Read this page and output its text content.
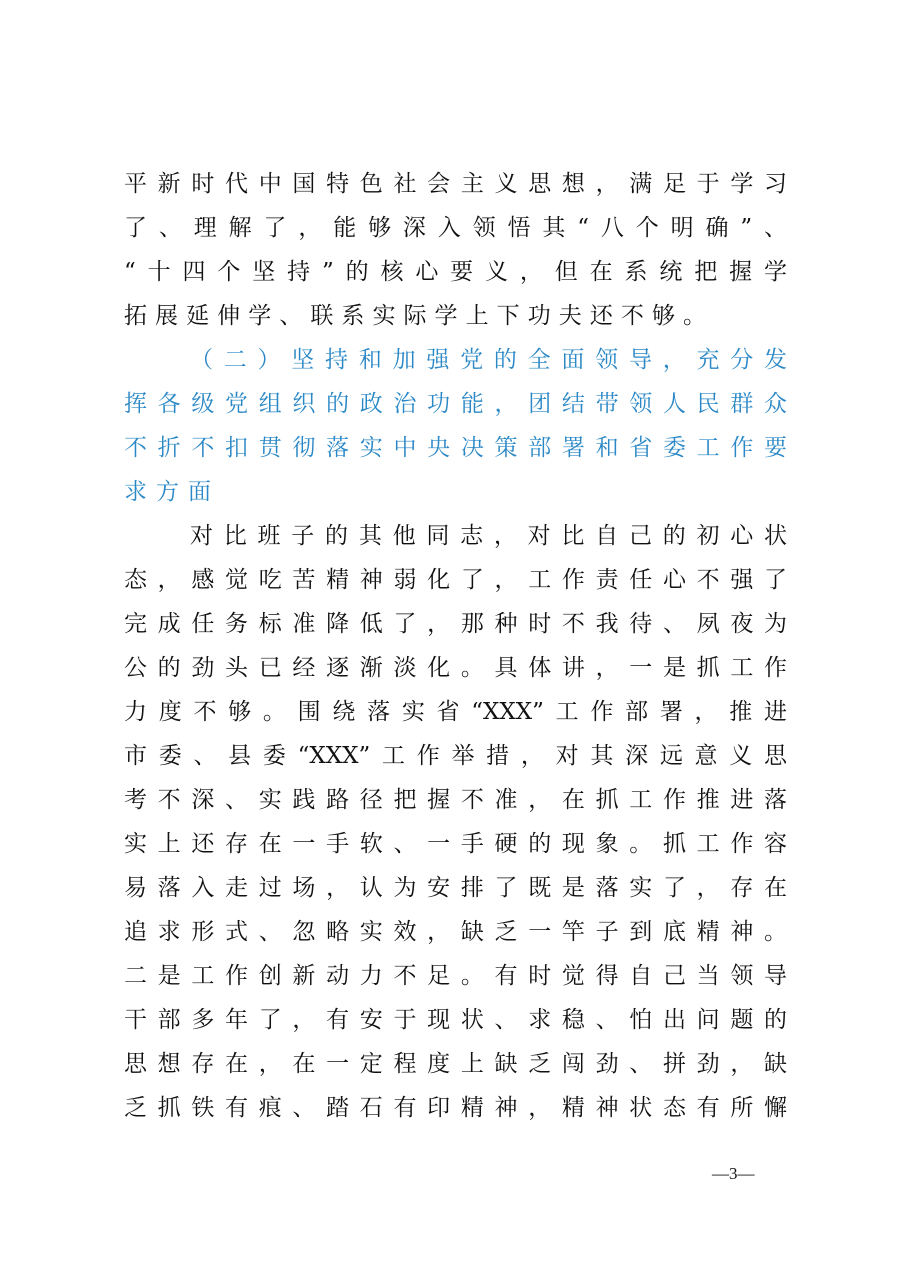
平新时代中国特色社会主义思想，满足于学习
了、理解了，能够深入领悟其“八个明确”、
“十四个坚持”的核心要义，但在系统把握学
拓展延伸学、联系实际学上下功夫还不够。
（二）坚持和加强党的全面领导，充分发
挥各级党组织的政治功能，团结带领人民群众
不折不扣贯彻落实中央决策部署和省委工作要
求方面
对比班子的其他同志，对比自己的初心状
态，感觉吃苦精神弱化了，工作责任心不强了
完成任务标准降低了，那种时不我待、夙夜为
公的劲头已经逐渐淡化。具体讲，一是抓工作
力度不够。围绕落实省“XXX”工作部署，推进
市委、县委“XXX”工作举措，对其深远意义思
考不深、实践路径把握不准，在抓工作推进落
实上还存在一手软、一手硬的现象。抓工作容
易落入走过场，认为安排了既是落实了，存在
追求形式、忽略实效，缺乏一竿子到底精神。
二是工作创新动力不足。有时觉得自己当领导
干部多年了，有安于现状、求稳、怕出问题的
思想存在，在一定程度上缺乏闯劲、拼劲，缺
乏抓铁有痕、踏石有印精神，精神状态有所懈
—3—
